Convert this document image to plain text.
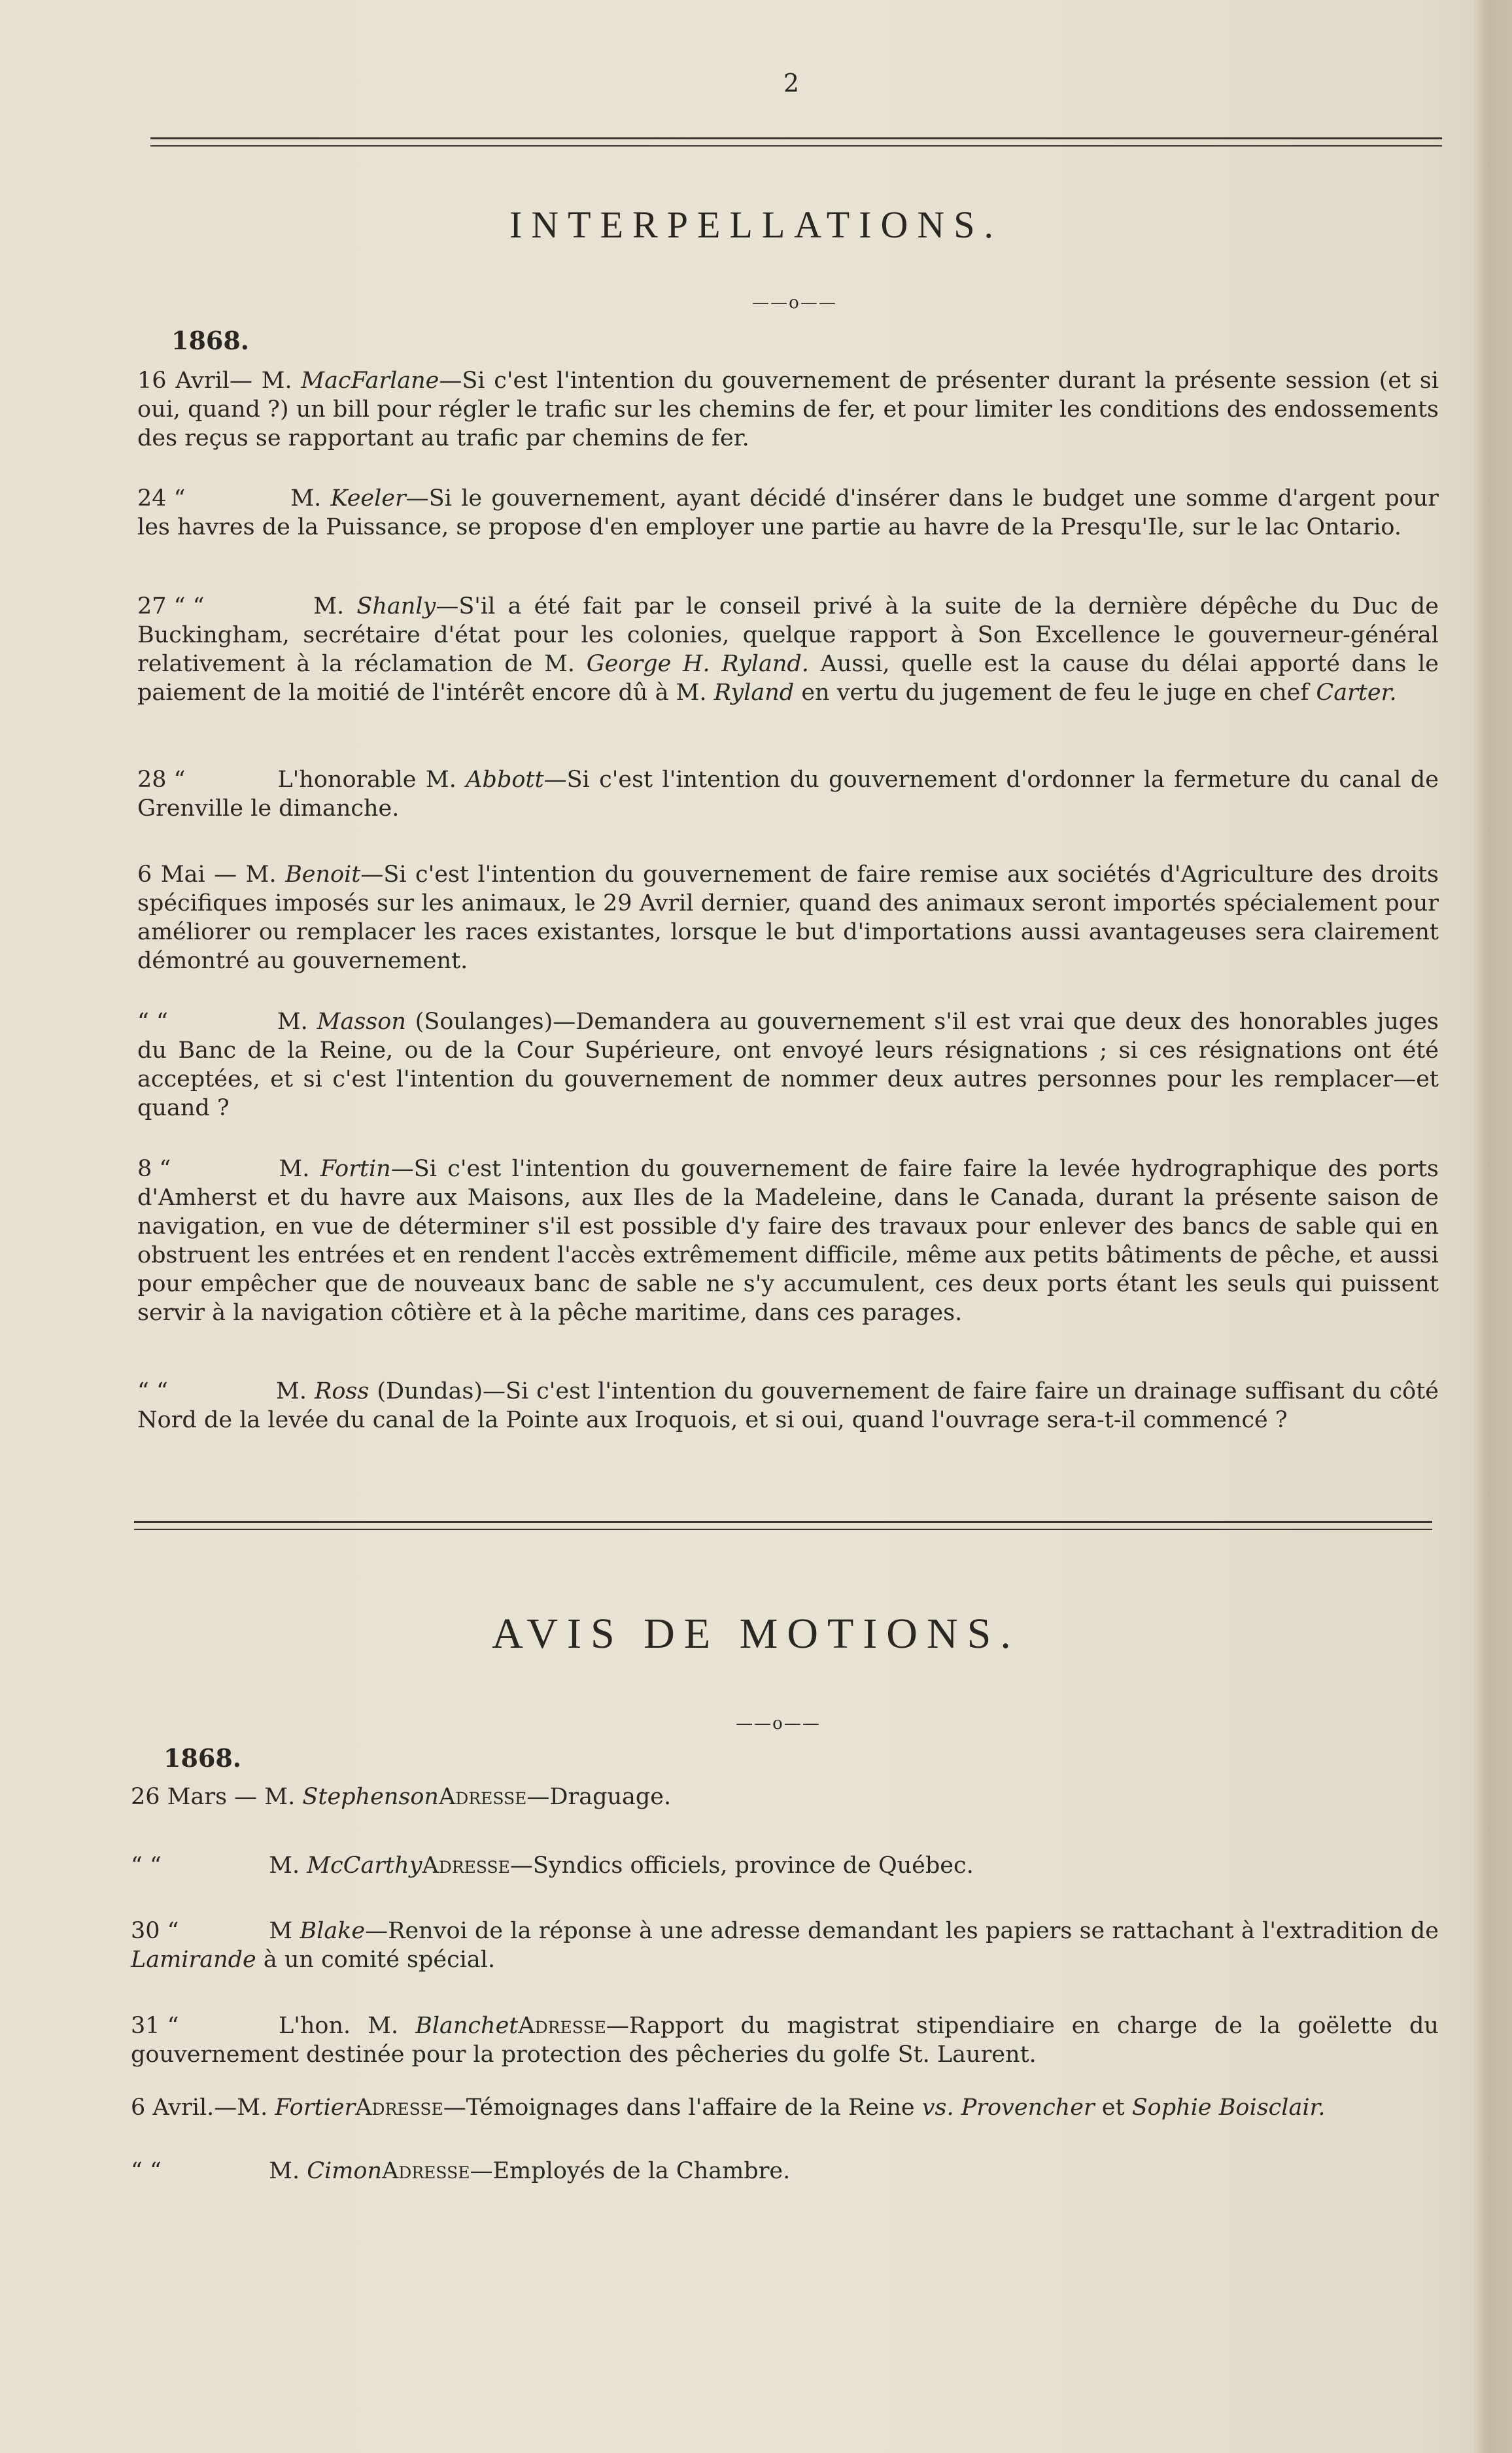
2
INTERPELLATIONS.
——o——
1868.
16 Avril— M. MacFarlane—Si c'est l'intention du gouvernement de présenter durant la présente session (et si oui, quand ?) un bill pour régler le trafic sur les chemins de fer, et pour limiter les conditions des endossements des reçus se rapportant au trafic par chemins de fer.
24 “	M. Keeler—Si le gouvernement, ayant décidé d'insérer dans le budget une somme d'argent pour les havres de la Puissance, se propose d'en employer une partie au havre de la Presqu'Ile, sur le lac Ontario.
27 “ “	M. Shanly—S'il a été fait par le conseil privé à la suite de la dernière dépêche du Duc de Buckingham, secrétaire d'état pour les colonies, quelque rapport à Son Excellence le gouverneur-général relativement à la réclamation de M. George H. Ryland. Aussi, quelle est la cause du délai apporté dans le paiement de la moitié de l'intérêt encore dû à M. Ryland en vertu du jugement de feu le juge en chef Carter.
28 “	L'honorable M. Abbott—Si c'est l'intention du gouvernement d'ordonner la fermeture du canal de Grenville le dimanche.
6 Mai — M. Benoit—Si c'est l'intention du gouvernement de faire remise aux sociétés d'Agriculture des droits spécifiques imposés sur les animaux, le 29 Avril dernier, quand des animaux seront importés spécialement pour améliorer ou remplacer les races existantes, lorsque le but d'importations aussi avantageuses sera clairement démontré au gouvernement.
“ “	M. Masson (Soulanges)—Demandera au gouvernement s'il est vrai que deux des honorables juges du Banc de la Reine, ou de la Cour Supérieure, ont envoyé leurs résignations ; si ces résignations ont été acceptées, et si c'est l'intention du gouvernement de nommer deux autres personnes pour les remplacer—et quand ?
8 “	M. Fortin—Si c'est l'intention du gouvernement de faire faire la levée hydrographique des ports d'Amherst et du havre aux Maisons, aux Iles de la Madeleine, dans le Canada, durant la présente saison de navigation, en vue de déterminer s'il est possible d'y faire des travaux pour enlever des bancs de sable qui en obstruent les entrées et en rendent l'accès extrêmement difficile, même aux petits bâtiments de pêche, et aussi pour empêcher que de nouveaux banc de sable ne s'y accumulent, ces deux ports étant les seuls qui puissent servir à la navigation côtière et à la pêche maritime, dans ces parages.
“ “	M. Ross (Dundas)—Si c'est l'intention du gouvernement de faire faire un drainage suffisant du côté Nord de la levée du canal de la Pointe aux Iroquois, et si oui, quand l'ouvrage sera-t-il commencé ?
AVIS DE MOTIONS.
——o——
1868.
26 Mars — M. StephensonAdresse—Draguage.
“ “	M. McCarthyAdresse—Syndics officiels, province de Québec.
30 “	M Blake—Renvoi de la réponse à une adresse demandant les papiers se rattachant à l'extradition de Lamirande à un comité spécial.
31 “	L'hon. M. BlanchetAdresse—Rapport du magistrat stipendiaire en charge de la goëlette du gouvernement destinée pour la protection des pêcheries du golfe St. Laurent.
6 Avril.—M. FortierAdresse—Témoignages dans l'affaire de la Reine vs. Provencher et Sophie Boisclair.
“ “	M. CimonAdresse—Employés de la Chambre.
